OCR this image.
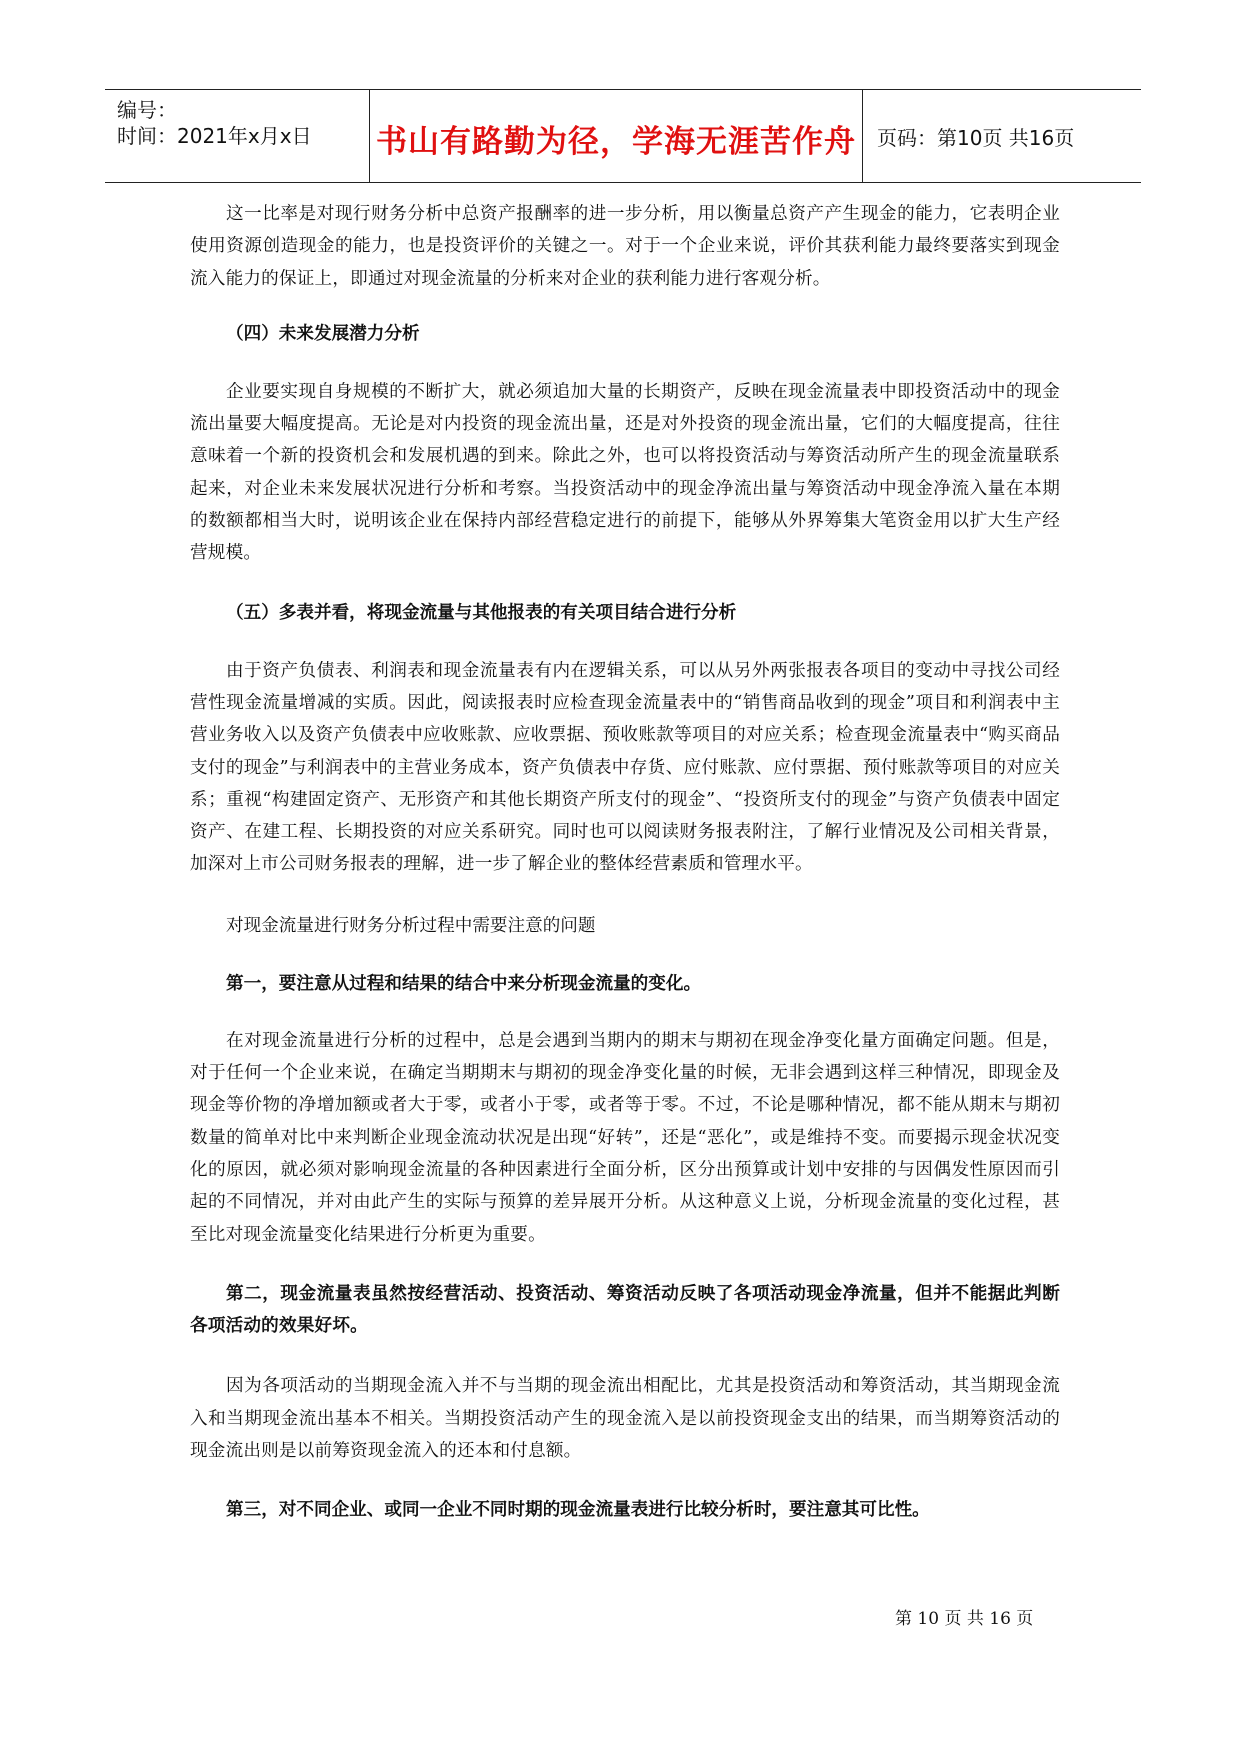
编号：
时间：2021年x月x日 书山有路勤为径，学海无涯苦作舟	页码：第10页 共16页

这一比率是对现行财务分析中总资产报酬率的进一步分析，用以衡量总资产产生现金的能力，它表明企业使用资源创造现金的能力，也是投资评价的关键之一。对于一个企业来说，评价其获利能力最终要落实到现金流入能力的保证上，即通过对现金流量的分析来对企业的获利能力进行客观分析。

（四）未来发展潜力分析

企业要实现自身规模的不断扩大，就必须追加大量的长期资产，反映在现金流量表中即投资活动中的现金流出量要大幅度提高。无论是对内投资的现金流出量，还是对外投资的现金流出量，它们的大幅度提高，往往意味着一个新的投资机会和发展机遇的到来。除此之外，也可以将投资活动与筹资活动所产生的现金流量联系起来，对企业未来发展状况进行分析和考察。当投资活动中的现金净流出量与筹资活动中现金净流入量在本期的数额都相当大时，说明该企业在保持内部经营稳定进行的前提下，能够从外界筹集大笔资金用以扩大生产经营规模。

（五）多表并看，将现金流量与其他报表的有关项目结合进行分析

由于资产负债表、利润表和现金流量表有内在逻辑关系，可以从另外两张报表各项目的变动中寻找公司经营性现金流量增减的实质。因此，阅读报表时应检查现金流量表中的“销售商品收到的现金”项目和利润表中主营业务收入以及资产负债表中应收账款、应收票据、预收账款等项目的对应关系；检查现金流量表中“购买商品支付的现金”与利润表中的主营业务成本，资产负债表中存货、应付账款、应付票据、预付账款等项目的对应关系；重视“构建固定资产、无形资产和其他长期资产所支付的现金”、“投资所支付的现金”与资产负债表中固定资产、在建工程、长期投资的对应关系研究。同时也可以阅读财务报表附注，了解行业情况及公司相关背景，加深对上市公司财务报表的理解，进一步了解企业的整体经营素质和管理水平。

对现金流量进行财务分析过程中需要注意的问题

第一，要注意从过程和结果的结合中来分析现金流量的变化。

在对现金流量进行分析的过程中，总是会遇到当期内的期末与期初在现金净变化量方面确定问题。但是，对于任何一个企业来说，在确定当期期末与期初的现金净变化量的时候，无非会遇到这样三种情况，即现金及现金等价物的净增加额或者大于零，或者小于零，或者等于零。不过，不论是哪种情况，都不能从期末与期初数量的简单对比中来判断企业现金流动状况是出现“好转”，还是“恶化”，或是维持不变。而要揭示现金状况变化的原因，就必须对影响现金流量的各种因素进行全面分析，区分出预算或计划中安排的与因偶发性原因而引起的不同情况，并对由此产生的实际与预算的差异展开分析。从这种意义上说，分析现金流量的变化过程，甚至比对现金流量变化结果进行分析更为重要。

第二，现金流量表虽然按经营活动、投资活动、筹资活动反映了各项活动现金净流量，但并不能据此判断各项活动的效果好坏。

因为各项活动的当期现金流入并不与当期的现金流出相配比，尤其是投资活动和筹资活动，其当期现金流入和当期现金流出基本不相关。当期投资活动产生的现金流入是以前投资现金支出的结果，而当期筹资活动的现金流出则是以前筹资现金流入的还本和付息额。

第三，对不同企业、或同一企业不同时期的现金流量表进行比较分析时，要注意其可比性。

第 10 页 共 16 页
